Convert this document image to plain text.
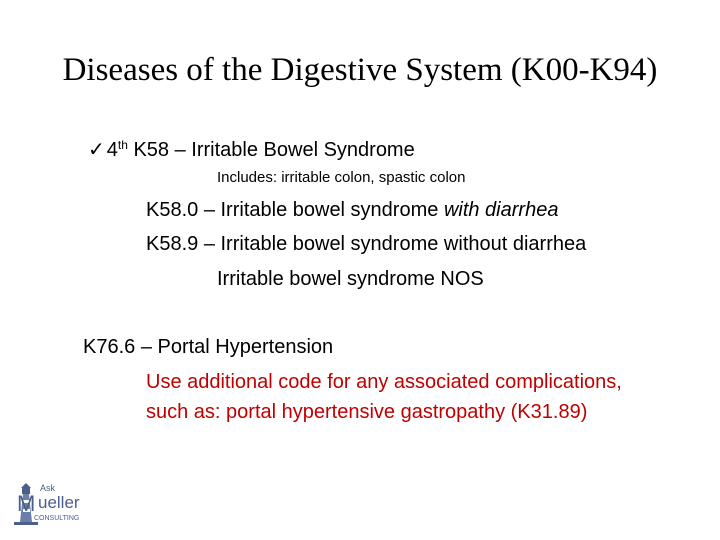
Diseases of the Digestive System (K00-K94)
✓ 4th K58 – Irritable Bowel Syndrome
Includes: irritable colon, spastic colon
K58.0 – Irritable bowel syndrome with diarrhea
K58.9 – Irritable bowel syndrome without diarrhea
Irritable bowel syndrome NOS
K76.6 – Portal Hypertension
Use additional code for any associated complications,
such as: portal hypertensive gastropathy (K31.89)
Ask
M ueller
CONSULTING
